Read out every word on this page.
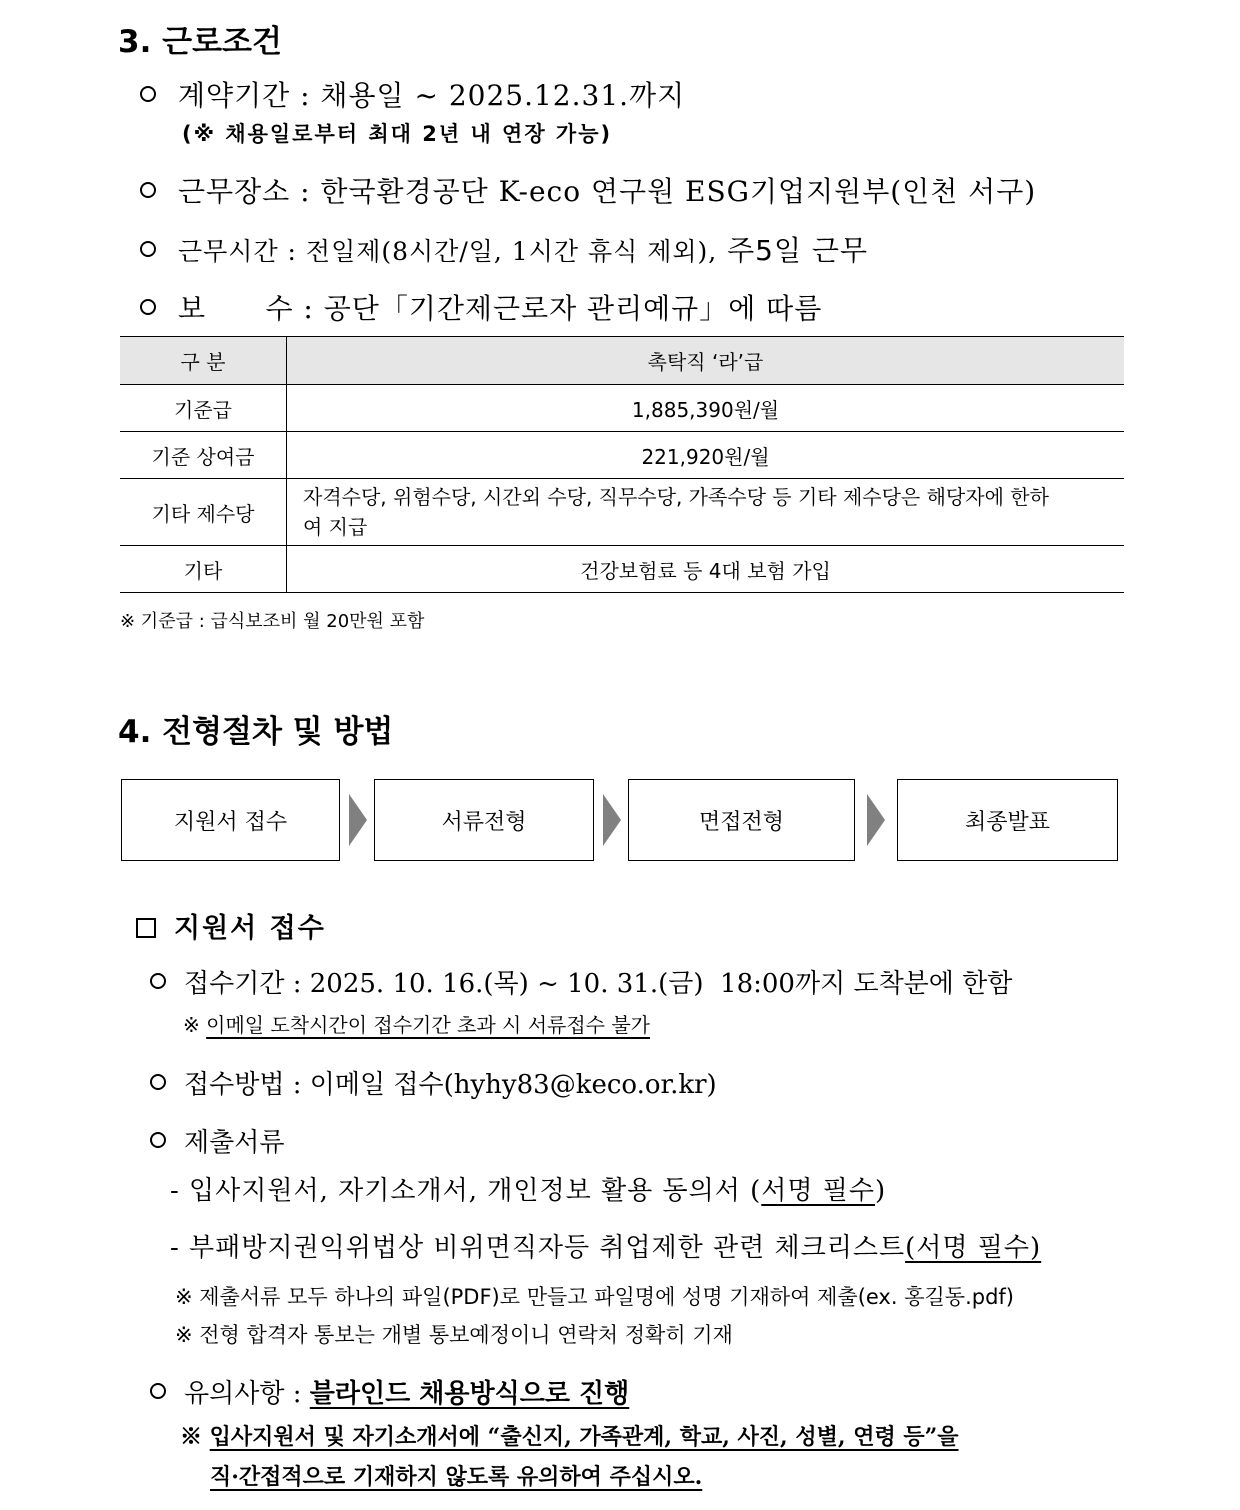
3. 근로조건
계약기간 : 채용일 ~ 2025.12.31.까지
(※ 채용일로부터 최대 2년 내 연장 가능)
근무장소 : 한국환경공단 K-eco 연구원 ESG기업지원부(인천 서구)
근무시간 : 전일제(8시간/일, 1시간 휴식 제외), 주5일 근무
보      수 : 공단「기간제근로자 관리예규」에 따름
구 분	촉탁직 ‘라’급
기준급	1,885,390원/월
기준 상여금	221,920원/월
기타 제수당	자격수당, 위험수당, 시간외 수당, 직무수당, 가족수당 등 기타 제수당은 해당자에 한하여 지급
기타	건강보험료 등 4대 보험 가입
※ 기준급 : 급식보조비 월 20만원 포함
4. 전형절차 및 방법
지원서 접수	서류전형	면접전형	최종발표
지원서 접수
접수기간 : 2025. 10. 16.(목) ~ 10. 31.(금)  18:00까지 도착분에 한함
※ 이메일 도착시간이 접수기간 초과 시 서류접수 불가
접수방법 : 이메일 접수(hyhy83@keco.or.kr)
제출서류
- 입사지원서, 자기소개서, 개인정보 활용 동의서 (서명 필수)
- 부패방지권익위법상 비위면직자등 취업제한 관련 체크리스트(서명 필수)
※ 제출서류 모두 하나의 파일(PDF)로 만들고 파일명에 성명 기재하여 제출(ex. 홍길동.pdf)
※ 전형 합격자 통보는 개별 통보예정이니 연락처 정확히 기재
유의사항 : 블라인드 채용방식으로 진행
※ 입사지원서 및 자기소개서에 “출신지, 가족관계, 학교, 사진, 성별, 연령 등”을
직·간접적으로 기재하지 않도록 유의하여 주십시오.
